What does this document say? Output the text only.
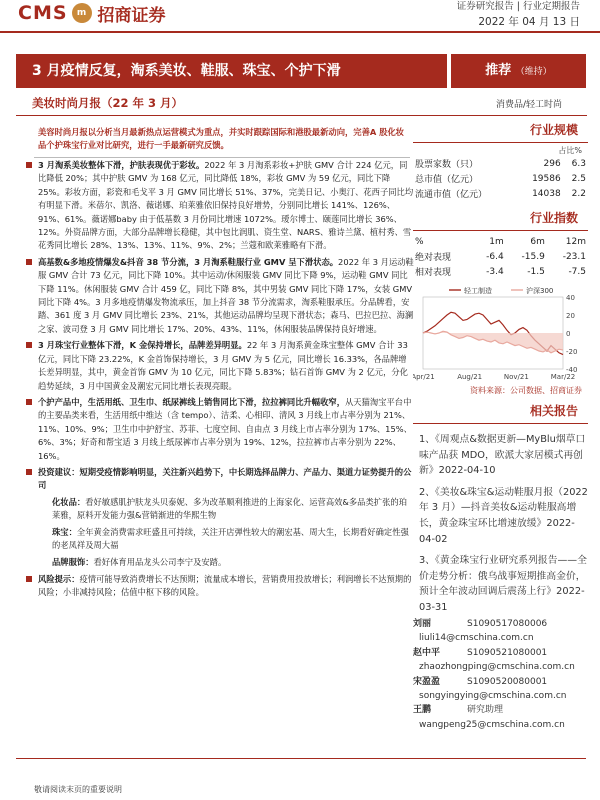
CMS	m 招商证券	证券研究报告 | 行业定期报告
2022 年 04 月 13 日
3 月疫情反复，淘系美妆、鞋服、珠宝、个护下滑	推荐 （维持）
美妆时尚月报（22 年 3 月）	消费品/轻工时尚
美容时尚月报以分析当月最新热点运营模式为重点，并实时跟踪国际和港股最新动向，完善A 股化妆品个护珠宝行业对比研究，进行一手最新研究反馈。

3 月淘系美妆整体下滑，护肤表现优于彩妆。2022 年 3 月淘系彩妆+护肤 GMV 合计 224 亿元，同比降低 20%；其中护肤 GMV 为 168 亿元，同比降低 18%，彩妆 GMV 为 59 亿元，同比下降 25%。彩妆方面，彩瓷和毛戈平 3 月 GMV 同比增长 51%、37%，完美日记、小奥汀、花西子同比均有明显下滑。米蓓尔、凯洛、薇诺娜、珀莱雅依旧保持良好增势，分别同比增长 141%、126%、91%、61%。薇诺娜baby 由于低基数 3 月份同比增速 1072%。瑷尔博士、颐莲同比增长 36%、12%。外资品牌方面，大部分品牌增长稳健，其中包比润肌、资生堂、NARS、雅诗兰黛、植村秀、雪花秀同比增长 28%、13%、13%、11%、9%、2%；兰蔻和欧莱雅略有下滑。

高基数&多地疫情爆发&抖音 38 节分流，3 月淘系鞋服行业 GMV 呈下滑状态。2022 年 3 月运动鞋服 GMV 合计 73 亿元，同比下降 10%。其中运动/休闲服装 GMV 同比下降 9%，运动鞋 GMV 同比下降 11%。休闲服装 GMV 合计 459 亿，同比下降 8%，其中男装 GMV 同比下降 17%，女装 GMV 同比下降 4%。3 月多地疫情爆发物流承压，加上抖音 38 节分流需求，淘系鞋服承压。分品牌看，安踏、361 度 3 月 GMV 同比增长 23%、21%，其他运动品牌均呈现下滑状态；森马、巴拉巴拉、海澜之家、波司登 3 月 GMV 同比增长 17%、20%、43%、11%，休闲服装品牌保持良好增速。

3 月珠宝行业整体下滑，K 金保持增长，品牌差异明显。22 年 3 月淘系黄金珠宝整体 GMV 合计 33 亿元，同比下降 23.22%，K 金首饰保持增长，3 月 GMV 为 5 亿元，同比增长 16.33%，各品牌增长差异明显，其中，黄金首饰 GMV 为 10 亿元，同比下降 5.83%；钻石首饰 GMV 为 2 亿元，分化趋势延续，3 月中国黄金及潮宏元同比增长表现亮眼。

个护产品中，生活用纸、卫生巾、纸尿裤线上销售同比下滑，拉拉裤同比升幅收窄，从天猫淘宝平台中的主要品类来看，生活用纸中维达（含 tempo）、洁柔、心相印、清风 3 月线上市占率分别为 21%、11%、10%、9%；卫生巾中护舒宝、苏菲、七度空间、自由点 3 月线上市占率分别为 17%、15%、6%、3%；好奇和帮宝适 3 月线上纸尿裤市占率分别为 19%、12%，拉拉裤市占率分别为 22%、16%。

投资建议：短期受疫情影响明显，关注新兴趋势下，中长期选择品牌力、产品力、渠道力证势提升的公司

化妆品：看好敏感肌护肤龙头贝泰妮、多为改革顺利推进的上海家化、运营高效&多品类扩张的珀莱雅，原料开发能力强&营销渐进的华熙生物
珠宝：全年黄金消费需求旺盛且可持续，关注开店弹性较大的潮宏基、周大生，长期看好确定性强的老凤祥及周大福
品牌服饰：看好体育用品龙头公司李宁及安踏。

风险提示：疫情可能导致消费增长不达预期；流量成本增长，营销费用投放增长；利润增长不达预期的风险；小非减持风险；估值中枢下移的风险。

行业规模
占比%
股票家数（只）	296	6.3
总市值（亿元）	19586	2.5
流通市值（亿元）	14038	2.2
行业指数
%	1m	6m	12m
绝对表现	-6.4	-15.9	-23.1
相对表现	-3.4	-1.5	-7.5
40
20
0
-20
-40
轻工制造	沪深300
Apr/21	Aug/21	Nov/21	Mar/22
资料来源：公司数据、招商证券
相关报告
1、《周观点&数据更新—MyBlu烟草口味产品获 MDO，欧派大家居模式再创新》2022-04-10
2、《美妆&珠宝&运动鞋服月报（2022 年 3 月）—抖音美妆&运动鞋服高增长，黄金珠宝环比增速放缓》2022-04-02
3、《黄金珠宝行业研究系列报告——全价走势分析：俄乌战事短期推高金价，预计全年波动回调后震荡上行》2022-03-31
刘丽	S1090517080006
liuli14@cmschina.com.cn
赵中平	S1090521080001
zhaozhongping@cmschina.com.cn
宋盈盈	S1090520080001
songyingying@cmschina.com.cn
王鹏	研究助理
wangpeng25@cmschina.com.cn
敬请阅读末页的重要说明
